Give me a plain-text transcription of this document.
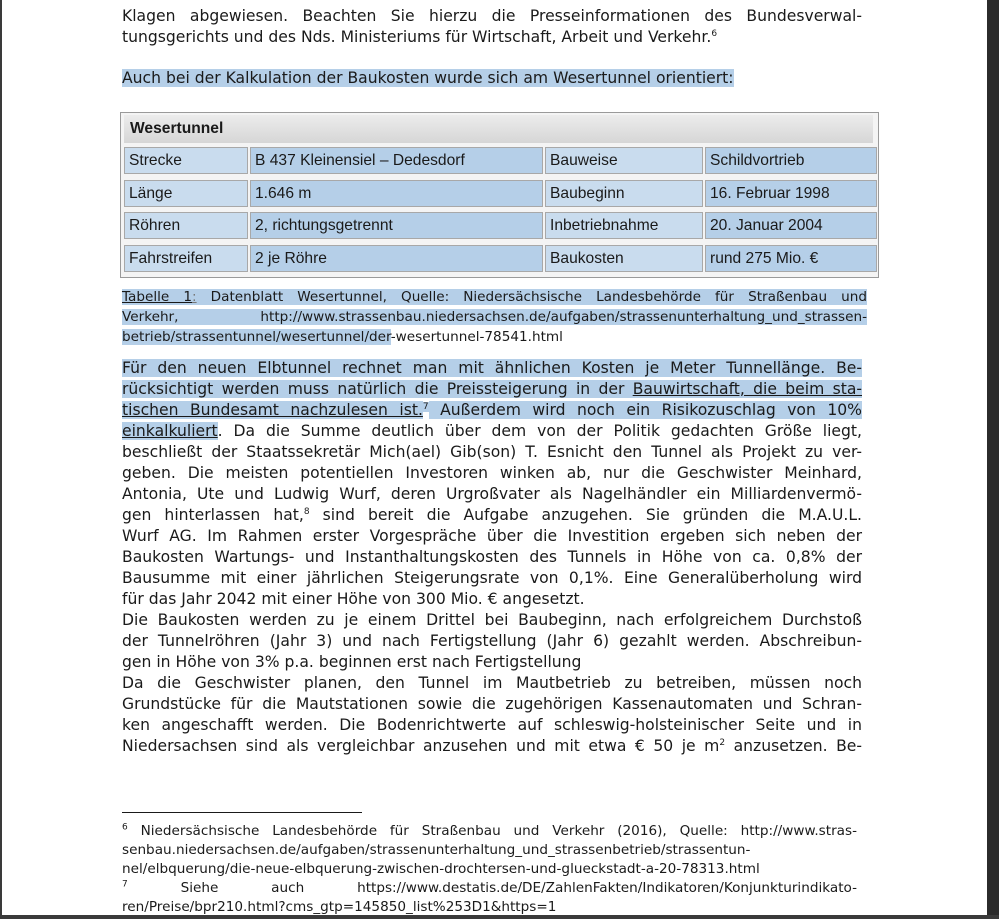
Klagen abgewiesen. Beachten Sie hierzu die Presseinformationen des Bundesverwal-
tungsgerichts und des Nds. Ministeriums für Wirtschaft, Arbeit und Verkehr.$^6$
Auch bei der Kalkulation der Baukosten wurde sich am Wesertunnel orientiert:
Wesertunnel
Strecke	B 437 Kleinensiel – Dedesdorf	Bauweise	Schildvortrieb
Länge	1.646 m	Baubeginn	16. Februar 1998
Röhren	2, richtungsgetrennt	Inbetriebnahme	20. Januar 2004
Fahrstreifen	2 je Röhre	Baukosten	rund 275 Mio. €
Tabelle 1: Datenblatt Wesertunnel, Quelle: Niedersächsische Landesbehörde für Straßenbau und
Verkehr, http://www.strassenbau.niedersachsen.de/aufgaben/strassenunterhaltung_und_strassen-
betrieb/strassentunnel/wesertunnel/der-wesertunnel-78541.html
Für den neuen Elbtunnel rechnet man mit ähnlichen Kosten je Meter Tunnellänge. Be-
rücksichtigt werden muss natürlich die Preissteigerung in der Bauwirtschaft, die beim sta-
tischen Bundesamt nachzulesen ist.$^7$ Außerdem wird noch ein Risikozuschlag von 10%
einkalkuliert. Da die Summe deutlich über dem von der Politik gedachten Größe liegt,
beschließt der Staatssekretär Mich(ael) Gib(son) T. Esnicht den Tunnel als Projekt zu ver-
geben. Die meisten potentiellen Investoren winken ab, nur die Geschwister Meinhard,
Antonia, Ute und Ludwig Wurf, deren Urgroßvater als Nagelhändler ein Milliardenvermö-
gen hinterlassen hat,$^8$ sind bereit die Aufgabe anzugehen. Sie gründen die M.A.U.L.
Wurf AG. Im Rahmen erster Vorgespräche über die Investition ergeben sich neben der
Baukosten Wartungs- und Instanthaltungskosten des Tunnels in Höhe von ca. 0,8% der
Bausumme mit einer jährlichen Steigerungsrate von 0,1%. Eine Generalüberholung wird
für das Jahr 2042 mit einer Höhe von 300 Mio. € angesetzt.
Die Baukosten werden zu je einem Drittel bei Baubeginn, nach erfolgreichem Durchstoß
der Tunnelröhren (Jahr 3) und nach Fertigstellung (Jahr 6) gezahlt werden. Abschreibun-
gen in Höhe von 3% p.a. beginnen erst nach Fertigstellung
Da die Geschwister planen, den Tunnel im Mautbetrieb zu betreiben, müssen noch
Grundstücke für die Mautstationen sowie die zugehörigen Kassenautomaten und Schran-
ken angeschafft werden. Die Bodenrichtwerte auf schleswig-holsteinischer Seite und in
Niedersachsen sind als vergleichbar anzusehen und mit etwa € 50 je $m^2$ anzusetzen. Be-
$^6$ Niedersächsische Landesbehörde für Straßenbau und Verkehr (2016), Quelle: http://www.stras-
senbau.niedersachsen.de/aufgaben/strassenunterhaltung_und_strassenbetrieb/strassentun-
nel/elbquerung/die-neue-elbquerung-zwischen-drochtersen-und-glueckstadt-a-20-78313.html
$^7$ Siehe auch https://www.destatis.de/DE/ZahlenFakten/Indikatoren/Konjunkturindikato-
ren/Preise/bpr210.html?cms_gtp=145850_list%253D1&https=1
